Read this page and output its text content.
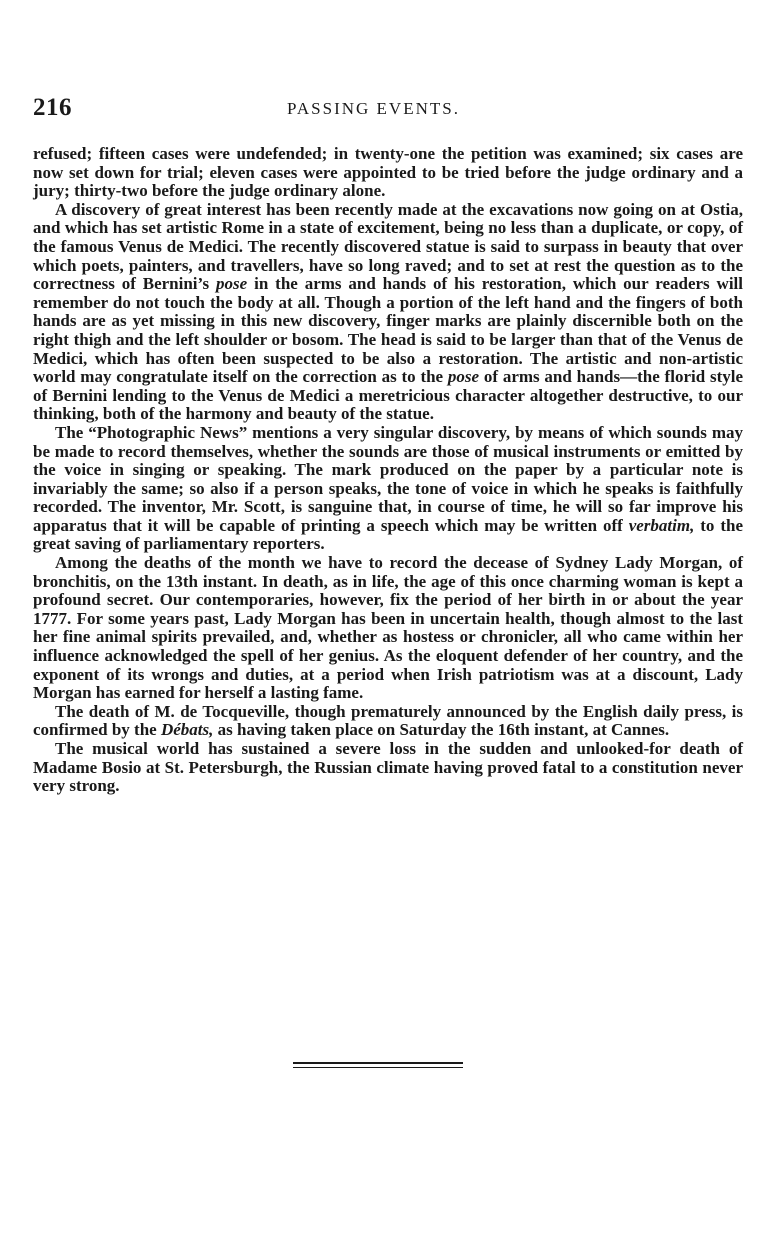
216	PASSING EVENTS.

refused; fifteen cases were undefended; in twenty-one the petition was examined; six cases are now set down for trial; eleven cases were appointed to be tried before the judge ordinary and a jury; thirty-two before the judge ordinary alone.

A discovery of great interest has been recently made at the excavations now going on at Ostia, and which has set artistic Rome in a state of excitement, being no less than a duplicate, or copy, of the famous Venus de Medici. The recently discovered statue is said to surpass in beauty that over which poets, painters, and travellers, have so long raved; and to set at rest the question as to the correctness of Bernini’s pose in the arms and hands of his restoration, which our readers will remember do not touch the body at all. Though a portion of the left hand and the fingers of both hands are as yet missing in this new discovery, finger marks are plainly discernible both on the right thigh and the left shoulder or bosom. The head is said to be larger than that of the Venus de Medici, which has often been suspected to be also a restoration. The artistic and non-artistic world may congratulate itself on the correction as to the pose of arms and hands—the florid style of Bernini lending to the Venus de Medici a meretricious character altogether destructive, to our thinking, both of the harmony and beauty of the statue.

The “Photographic News” mentions a very singular discovery, by means of which sounds may be made to record themselves, whether the sounds are those of musical instruments or emitted by the voice in singing or speaking. The mark produced on the paper by a particular note is invariably the same; so also if a person speaks, the tone of voice in which he speaks is faithfully recorded. The inventor, Mr. Scott, is sanguine that, in course of time, he will so far improve his apparatus that it will be capable of printing a speech which may be written off verbatim, to the great saving of parliamentary reporters.

Among the deaths of the month we have to record the decease of Sydney Lady Morgan, of bronchitis, on the 13th instant. In death, as in life, the age of this once charming woman is kept a profound secret. Our contemporaries, however, fix the period of her birth in or about the year 1777. For some years past, Lady Morgan has been in uncertain health, though almost to the last her fine animal spirits prevailed, and, whether as hostess or chronicler, all who came within her influence acknowledged the spell of her genius. As the eloquent defender of her country, and the exponent of its wrongs and duties, at a period when Irish patriotism was at a discount, Lady Morgan has earned for herself a lasting fame.

The death of M. de Tocqueville, though prematurely announced by the English daily press, is confirmed by the Débats, as having taken place on Saturday the 16th instant, at Cannes.

The musical world has sustained a severe loss in the sudden and unlooked-for death of Madame Bosio at St. Petersburgh, the Russian climate having proved fatal to a constitution never very strong.
